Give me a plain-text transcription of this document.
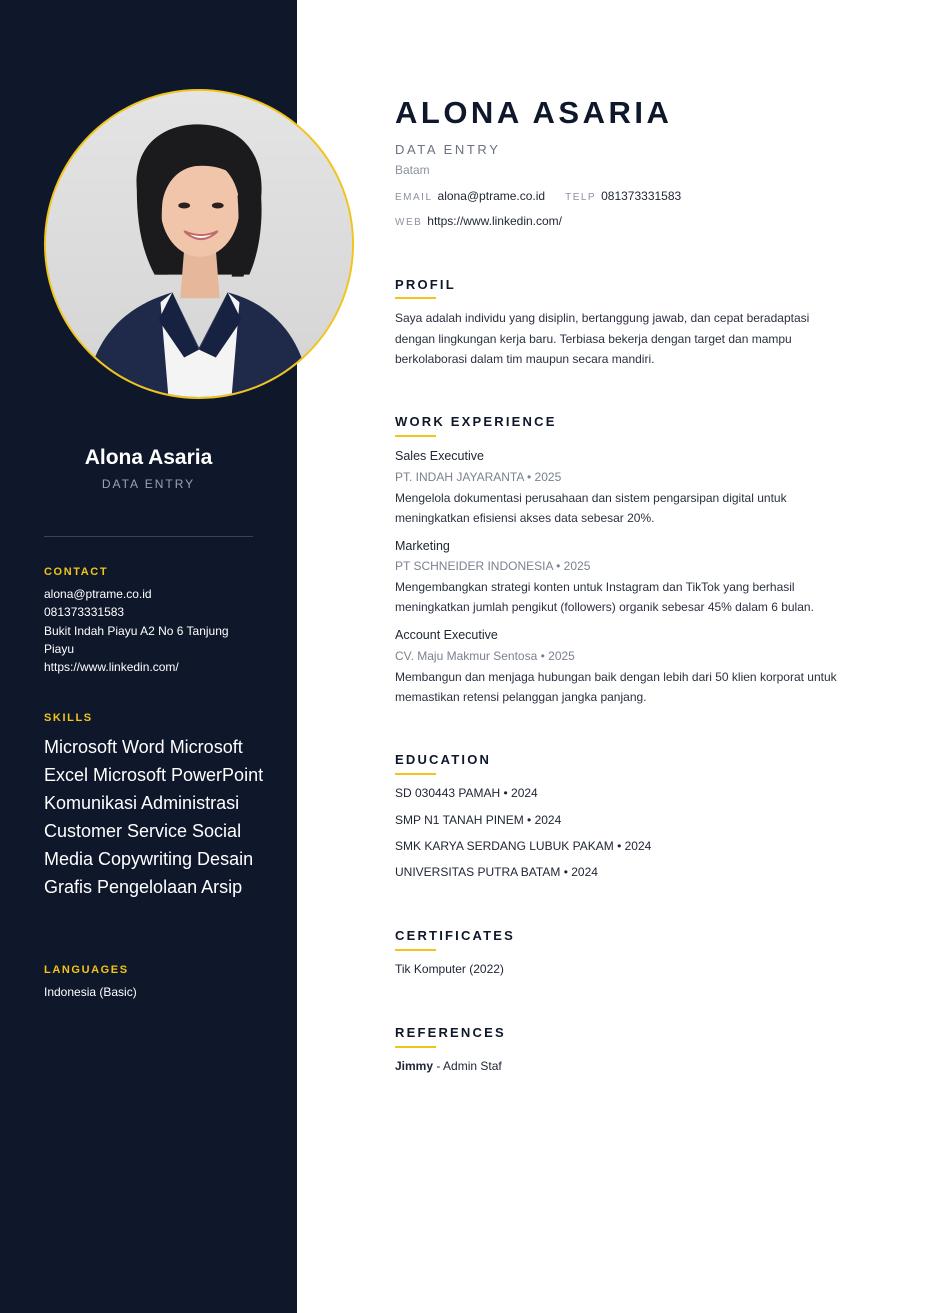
Alona Asaria
DATA ENTRY
CONTACT
alona@ptrame.co.id
081373331583
Bukit Indah Piayu A2 No 6 Tanjung Piayu
https://www.linkedin.com/
SKILLS
Microsoft Word Microsoft Excel Microsoft PowerPoint Komunikasi Administrasi Customer Service Social Media Copywriting Desain Grafis Pengelolaan Arsip
LANGUAGES
Indonesia (Basic)
ALONA ASARIA
DATA ENTRY
Batam
EMAIL alona@ptrame.co.id TELP 081373331583
WEB https://www.linkedin.com/
PROFIL
Saya adalah individu yang disiplin, bertanggung jawab, dan cepat beradaptasi dengan lingkungan kerja baru. Terbiasa bekerja dengan target dan mampu berkolaborasi dalam tim maupun secara mandiri.
WORK EXPERIENCE
Sales Executive
PT. INDAH JAYARANTA • 2025
Mengelola dokumentasi perusahaan dan sistem pengarsipan digital untuk meningkatkan efisiensi akses data sebesar 20%.
Marketing
PT SCHNEIDER INDONESIA • 2025
Mengembangkan strategi konten untuk Instagram dan TikTok yang berhasil meningkatkan jumlah pengikut (followers) organik sebesar 45% dalam 6 bulan.
Account Executive
CV. Maju Makmur Sentosa • 2025
Membangun dan menjaga hubungan baik dengan lebih dari 50 klien korporat untuk memastikan retensi pelanggan jangka panjang.
EDUCATION
SD 030443 PAMAH • 2024
SMP N1 TANAH PINEM • 2024
SMK KARYA SERDANG LUBUK PAKAM • 2024
UNIVERSITAS PUTRA BATAM • 2024
CERTIFICATES
Tik Komputer (2022)
REFERENCES
Jimmy - Admin Staf
